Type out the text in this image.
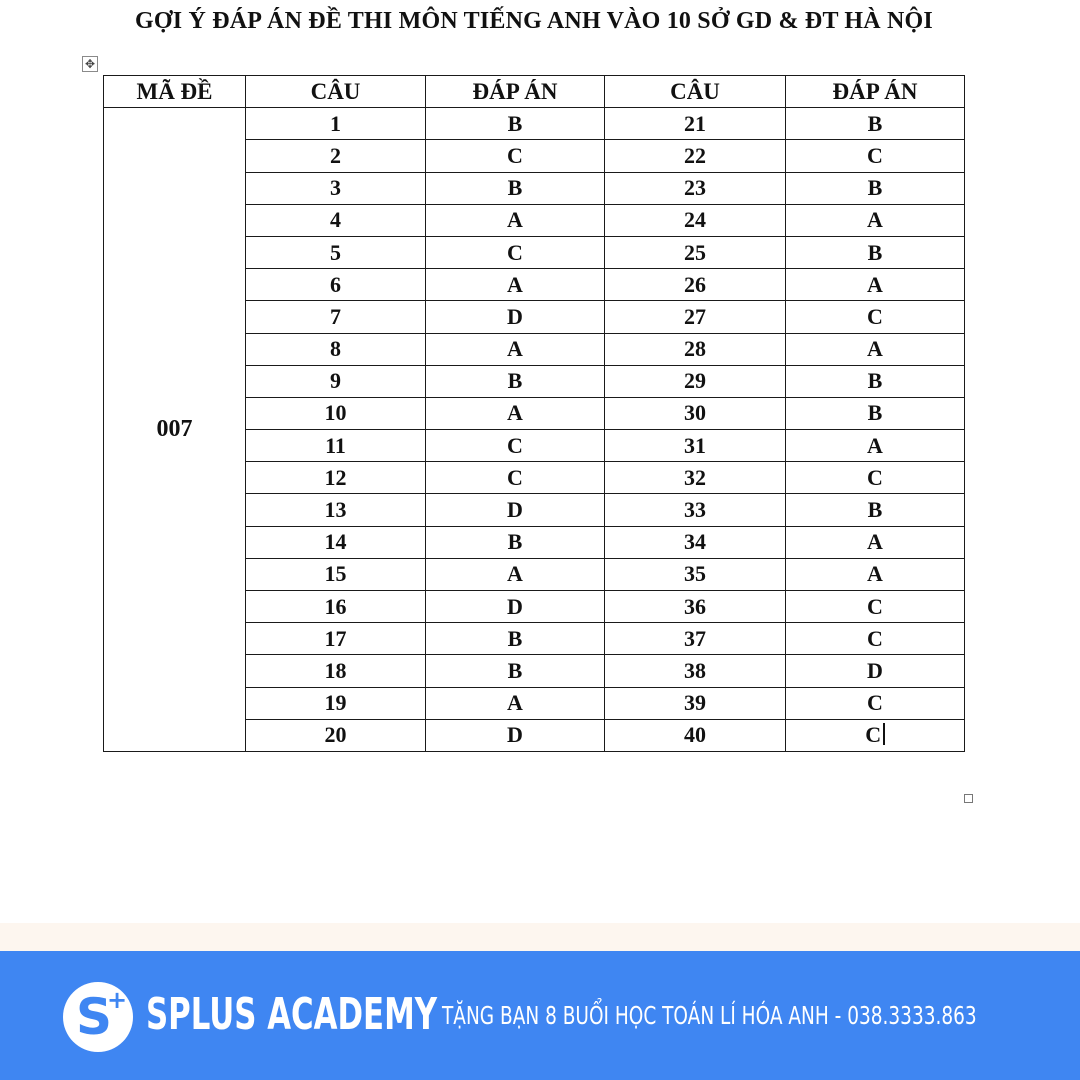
GỢI Ý ĐÁP ÁN ĐỀ THI MÔN TIẾNG ANH VÀO 10 SỞ GD & ĐT HÀ NỘI
✥
MÃ ĐỀ	CÂU	ĐÁP ÁN	CÂU	ĐÁP ÁN
007	1	B	21	B
	2	C	22	C
	3	B	23	B
	4	A	24	A
	5	C	25	B
	6	A	26	A
	7	D	27	C
	8	A	28	A
	9	B	29	B
	10	A	30	B
	11	C	31	A
	12	C	32	C
	13	D	33	B
	14	B	34	A
	15	A	35	A
	16	D	36	C
	17	B	37	C
	18	B	38	D
	19	A	39	C
	20	D	40	C
S
+ SPLUS ACADEMY TẶNG BẠN 8 BUỔI HỌC TOÁN LÍ HÓA ANH - 038.3333.863
